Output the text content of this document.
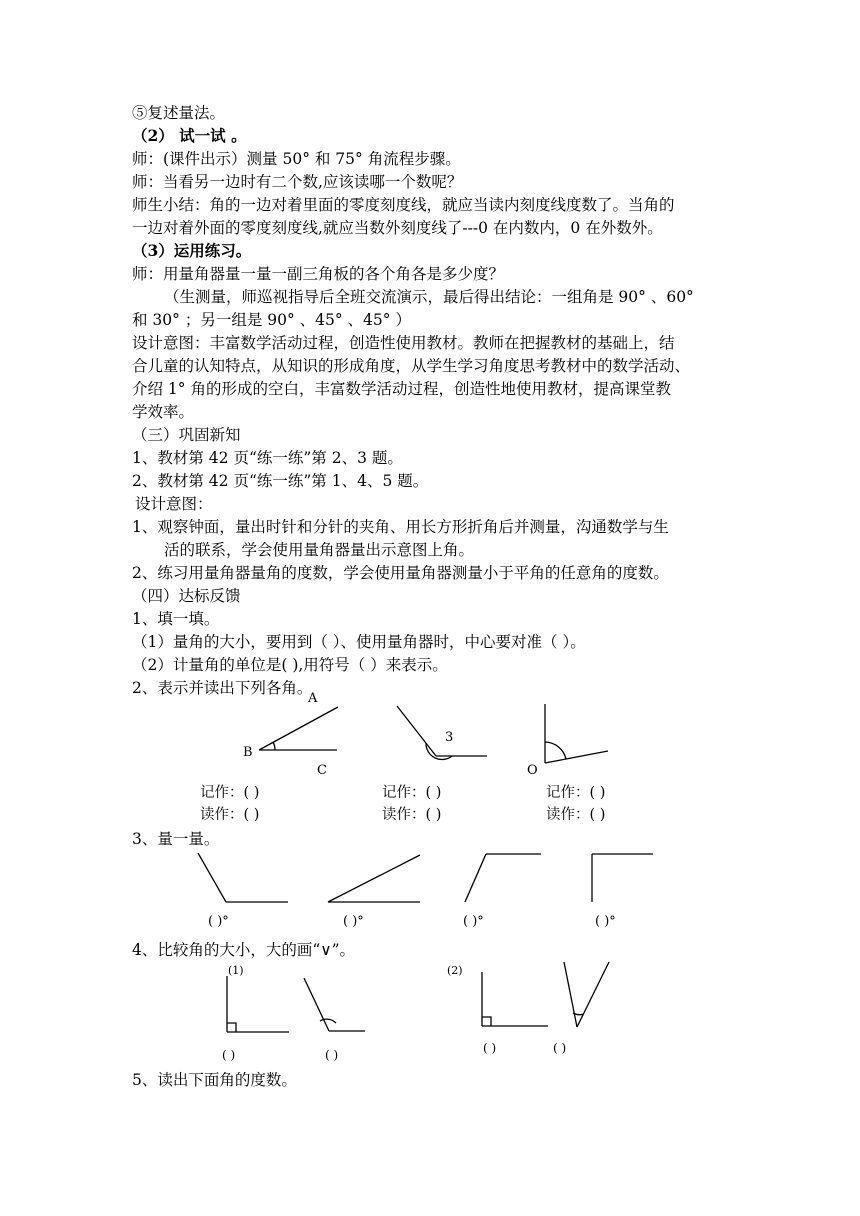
⑤复述量法。
（2） 试一试 。
师：(课件出示）测量 50° 和 75° 角流程步骤。
师：当看另一边时有二个数,应该读哪一个数呢？
师生小结：角的一边对着里面的零度刻度线，就应当读内刻度线度数了。当角的
一边对着外面的零度刻度线,就应当数外刻度线了---0 在内数内，0 在外数外。
（3）运用练习。
师：用量角器量一量一副三角板的各个角各是多少度？
（生测量，师巡视指导后全班交流演示，最后得出结论：一组角是 90° 、60°
和 30° ；另一组是 90° 、45° 、45° ）
设计意图：丰富数学活动过程，创造性使用教材。教师在把握教材的基础上，结
合儿童的认知特点，从知识的形成角度，从学生学习角度思考教材中的数学活动、
介绍 1° 角的形成的空白，丰富数学活动过程，创造性地使用教材，提高课堂教
学效率。
（三）巩固新知
1、教材第 42 页“练一练”第 2、3 题。
2、教材第 42 页“练一练”第 1、4、5 题。
设计意图：
1、观察钟面，量出时针和分针的夹角、用长方形折角后并测量，沟通数学与生
活的联系，学会使用量角器量出示意图上角。
2、练习用量角器量角的度数，学会使用量角器测量小于平角的任意角的度数。
（四）达标反馈
1、填一填。
（1）量角的大小，要用到（ ）、使用量角器时，中心要对准（ ）。
（2）计量角的单位是( ),用符号（ ）来表示。
2、表示并读出下列各角。
A
B
C
3
O
记作：( )	记作：( )	记作：( )
读作：( )	读作：( )	读作：( )
3、量一量。
( )°	( )°	( )°	( )°
4、比较角的大小，大的画“∨”。
(1)	(2)
( )	( )	( )	( )
5、读出下面角的度数。
